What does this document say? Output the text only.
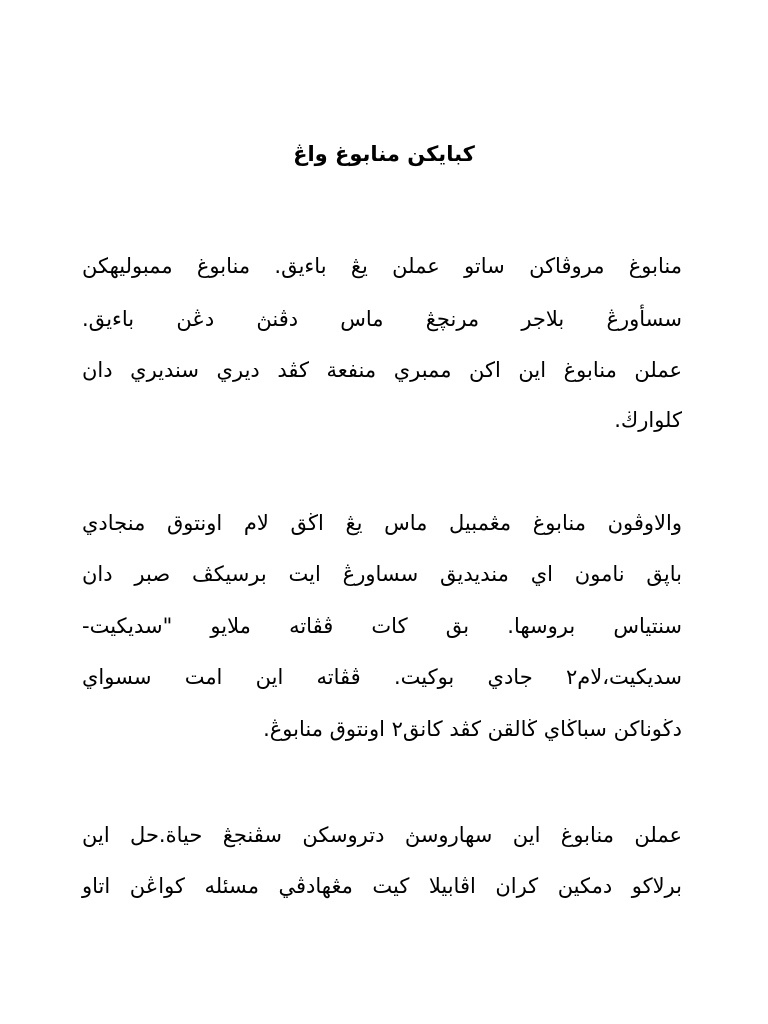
كبايكن منابوغ واڠ
منابوغ مروڤاكن ساتو عملن يڠ باءيق. منابوغ ممبوليهكن
سسأورڠ بلاجر مرنچڠ ماس دڤنڽ دڠن باءيق.
عملن منابوغ اين اكن ممبري منفعة كڤد ديري سنديري دان
كلوارڬ.
والاوڤون منابوغ مڠمبيل ماس يڠ اڬق لام اونتوق منجادي
باڽق نامون اي منديديق سساورڠ ايت برسيكڤ صبر دان
سنتياس بروسها. بق كات ڤڤاته ملايو "سديكيت-
سديكيت،لام٢ جادي بوكيت. ڤڤاته اين امت سسواي
دڬوناكن سباڬاي ڬالقن كڤد كانق٢ اونتوق منابوڠ.
عملن منابوغ اين سهاروسڽ دتروسكن سڤنجڠ حياة.حل اين
برلاكو دمكين كران اڤابيلا كيت مڠهادڤي مسئله كواڠن اتاو
